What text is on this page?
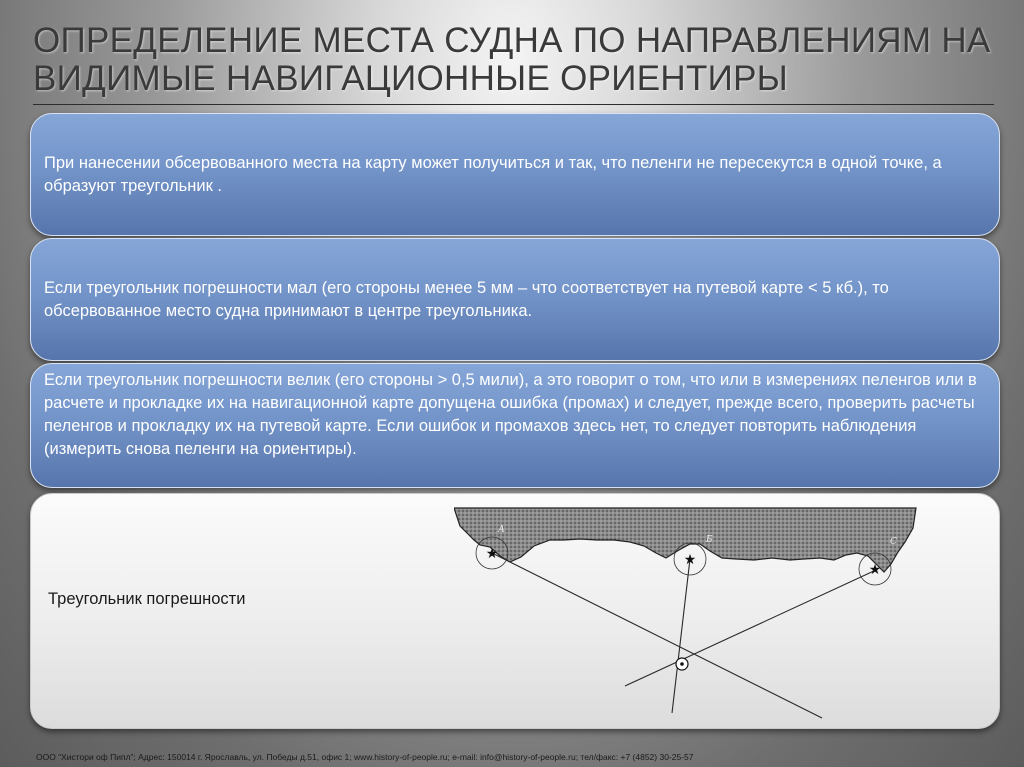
ОПРЕДЕЛЕНИЕ МЕСТА СУДНА ПО НАПРАВЛЕНИЯМ НА ВИДИМЫЕ НАВИГАЦИОННЫЕ ОРИЕНТИРЫ
При нанесении обсервованного места на карту может получиться и так, что пеленги не пересекутся в одной точке, а образуют треугольник .
Если треугольник погрешности мал (его стороны менее 5 мм – что соответствует на путевой карте < 5 кб.), то обсервованное место судна принимают в центре треугольника.
Если треугольник погрешности велик (его стороны > 0,5 мили), а это говорит о том, что или в измерениях пеленгов или в расчете и прокладке их на навигационной карте допущена ошибка (промах) и следует, прежде всего, проверить расчеты пеленгов и прокладку их на путевой карте. Если ошибок и промахов здесь нет, то следует повторить наблюдения (измерить снова пеленги на ориентиры).
Треугольник погрешности
★	★
★
А
Б	С
ООО “Хистори оф Пипл”; Адрес: 150014 г. Ярославль, ул. Победы д.51, офис 1; www.history-of-people.ru; e-mail: info@history-of-people.ru; тел/факс: +7 (4852) 30-25-57
